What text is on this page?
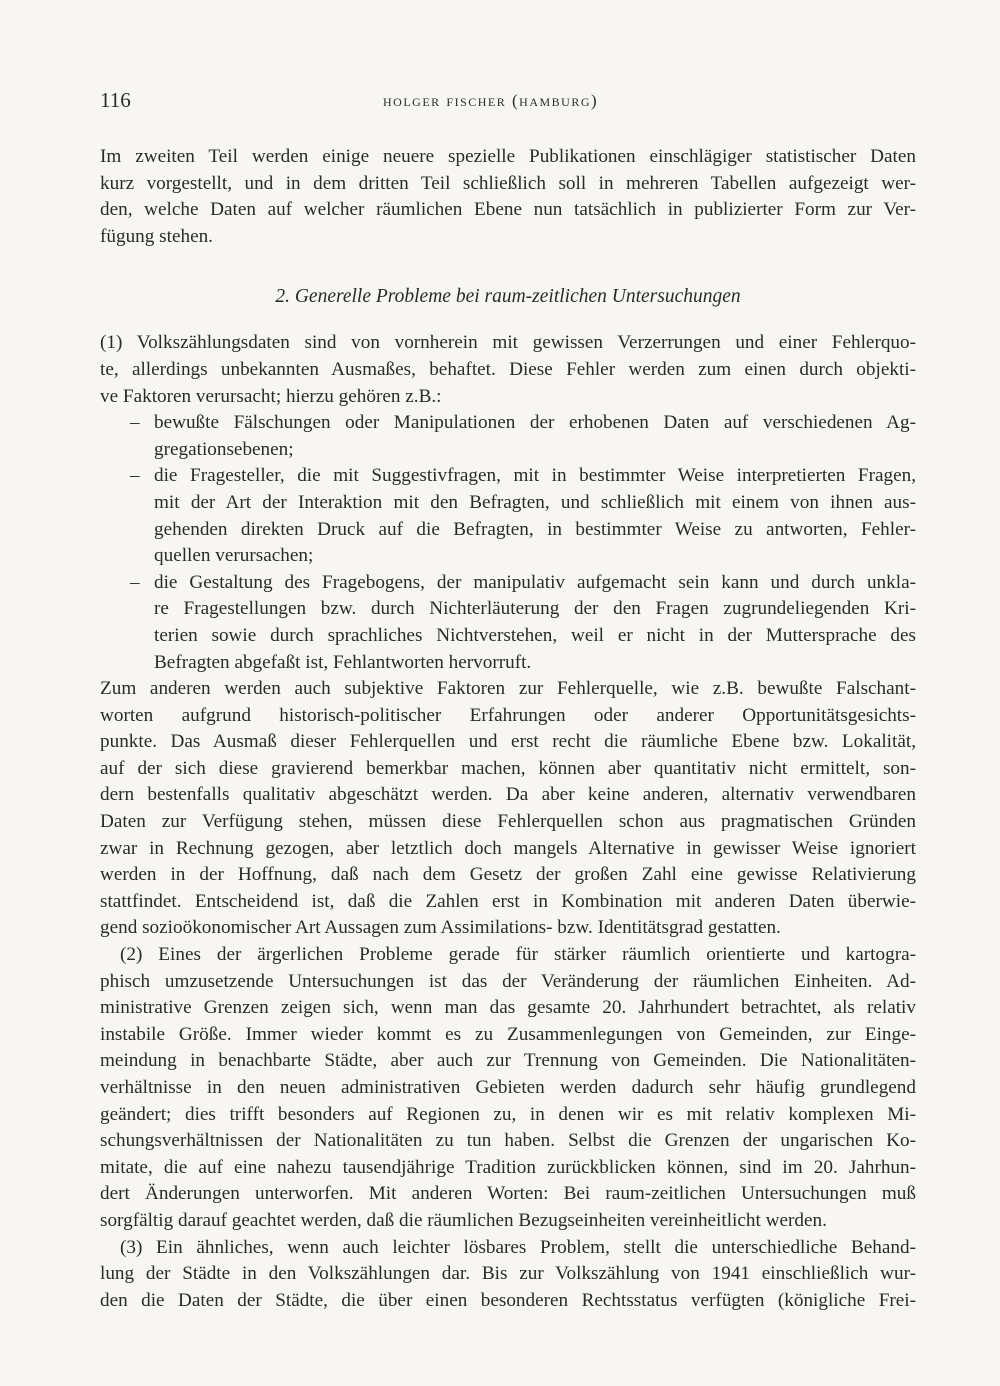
116	holger fischer (hamburg)

Im zweiten Teil werden einige neuere spezielle Publikationen einschlägiger statistischer Daten
kurz vorgestellt, und in dem dritten Teil schließlich soll in mehreren Tabellen aufgezeigt wer-
den, welche Daten auf welcher räumlichen Ebene nun tatsächlich in publizierter Form zur Ver-
fügung stehen.

2. Generelle Probleme bei raum-zeitlichen Untersuchungen

(1) Volkszählungsdaten sind von vornherein mit gewissen Verzerrungen und einer Fehlerquo-
te, allerdings unbekannten Ausmaßes, behaftet. Diese Fehler werden zum einen durch objekti-
ve Faktoren verursacht; hierzu gehören z.B.:

– bewußte Fälschungen oder Manipulationen der erhobenen Daten auf verschiedenen Ag-
gregationsebenen;
– die Fragesteller, die mit Suggestivfragen, mit in bestimmter Weise interpretierten Fragen,
mit der Art der Interaktion mit den Befragten, und schließlich mit einem von ihnen aus-
gehenden direkten Druck auf die Befragten, in bestimmter Weise zu antworten, Fehler-
quellen verursachen;
– die Gestaltung des Fragebogens, der manipulativ aufgemacht sein kann und durch unkla-
re Fragestellungen bzw. durch Nichterläuterung der den Fragen zugrundeliegenden Kri-
terien sowie durch sprachliches Nichtverstehen, weil er nicht in der Muttersprache des
Befragten abgefaßt ist, Fehlantworten hervorruft.

Zum anderen werden auch subjektive Faktoren zur Fehlerquelle, wie z.B. bewußte Falschant-
worten aufgrund historisch-politischer Erfahrungen oder anderer Opportunitätsgesichts-
punkte. Das Ausmaß dieser Fehlerquellen und erst recht die räumliche Ebene bzw. Lokalität,
auf der sich diese gravierend bemerkbar machen, können aber quantitativ nicht ermittelt, son-
dern bestenfalls qualitativ abgeschätzt werden. Da aber keine anderen, alternativ verwendbaren
Daten zur Verfügung stehen, müssen diese Fehlerquellen schon aus pragmatischen Gründen
zwar in Rechnung gezogen, aber letztlich doch mangels Alternative in gewisser Weise ignoriert
werden in der Hoffnung, daß nach dem Gesetz der großen Zahl eine gewisse Relativierung
stattfindet. Entscheidend ist, daß die Zahlen erst in Kombination mit anderen Daten überwie-
gend sozioökonomischer Art Aussagen zum Assimilations- bzw. Identitätsgrad gestatten.

(2) Eines der ärgerlichen Probleme gerade für stärker räumlich orientierte und kartogra-
phisch umzusetzende Untersuchungen ist das der Veränderung der räumlichen Einheiten. Ad-
ministrative Grenzen zeigen sich, wenn man das gesamte 20. Jahrhundert betrachtet, als relativ
instabile Größe. Immer wieder kommt es zu Zusammenlegungen von Gemeinden, zur Einge-
meindung in benachbarte Städte, aber auch zur Trennung von Gemeinden. Die Nationalitäten-
verhältnisse in den neuen administrativen Gebieten werden dadurch sehr häufig grundlegend
geändert; dies trifft besonders auf Regionen zu, in denen wir es mit relativ komplexen Mi-
schungsverhältnissen der Nationalitäten zu tun haben. Selbst die Grenzen der ungarischen Ko-
mitate, die auf eine nahezu tausendjährige Tradition zurückblicken können, sind im 20. Jahrhun-
dert Änderungen unterworfen. Mit anderen Worten: Bei raum-zeitlichen Untersuchungen muß
sorgfältig darauf geachtet werden, daß die räumlichen Bezugseinheiten vereinheitlicht werden.

(3) Ein ähnliches, wenn auch leichter lösbares Problem, stellt die unterschiedliche Behand-
lung der Städte in den Volkszählungen dar. Bis zur Volkszählung von 1941 einschließlich wur-
den die Daten der Städte, die über einen besonderen Rechtsstatus verfügten (königliche Frei-
